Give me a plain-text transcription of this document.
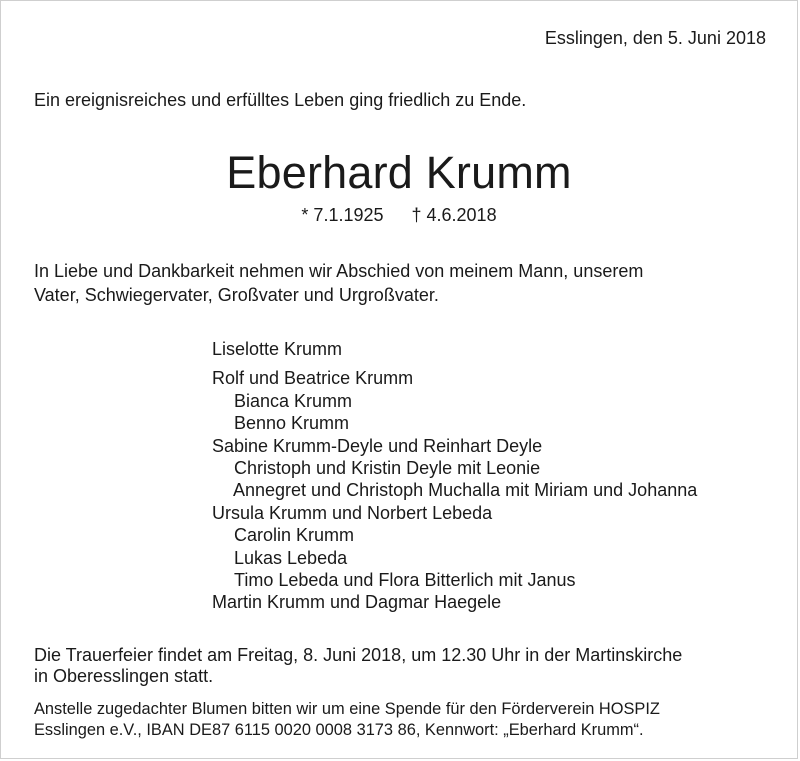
Esslingen, den 5. Juni 2018
Ein ereignisreiches und erfülltes Leben ging friedlich zu Ende.
Eberhard Krumm
* 7.1.1925 † 4.6.2018
In Liebe und Dankbarkeit nehmen wir Abschied von meinem Mann, unserem
Vater, Schwiegervater, Großvater und Urgroßvater.
Liselotte Krumm
Rolf und Beatrice Krumm
Bianca Krumm
Benno Krumm
Sabine Krumm-Deyle und Reinhart Deyle
Christoph und Kristin Deyle mit Leonie
Annegret und Christoph Muchalla mit Miriam und Johanna
Ursula Krumm und Norbert Lebeda
Carolin Krumm
Lukas Lebeda
Timo Lebeda und Flora Bitterlich mit Janus
Martin Krumm und Dagmar Haegele
Die Trauerfeier findet am Freitag, 8. Juni 2018, um 12.30 Uhr in der Martinskirche
in Oberesslingen statt.
Anstelle zugedachter Blumen bitten wir um eine Spende für den Förderverein HOSPIZ
Esslingen e.V., IBAN DE87 6115 0020 0008 3173 86, Kennwort: „Eberhard Krumm“.
